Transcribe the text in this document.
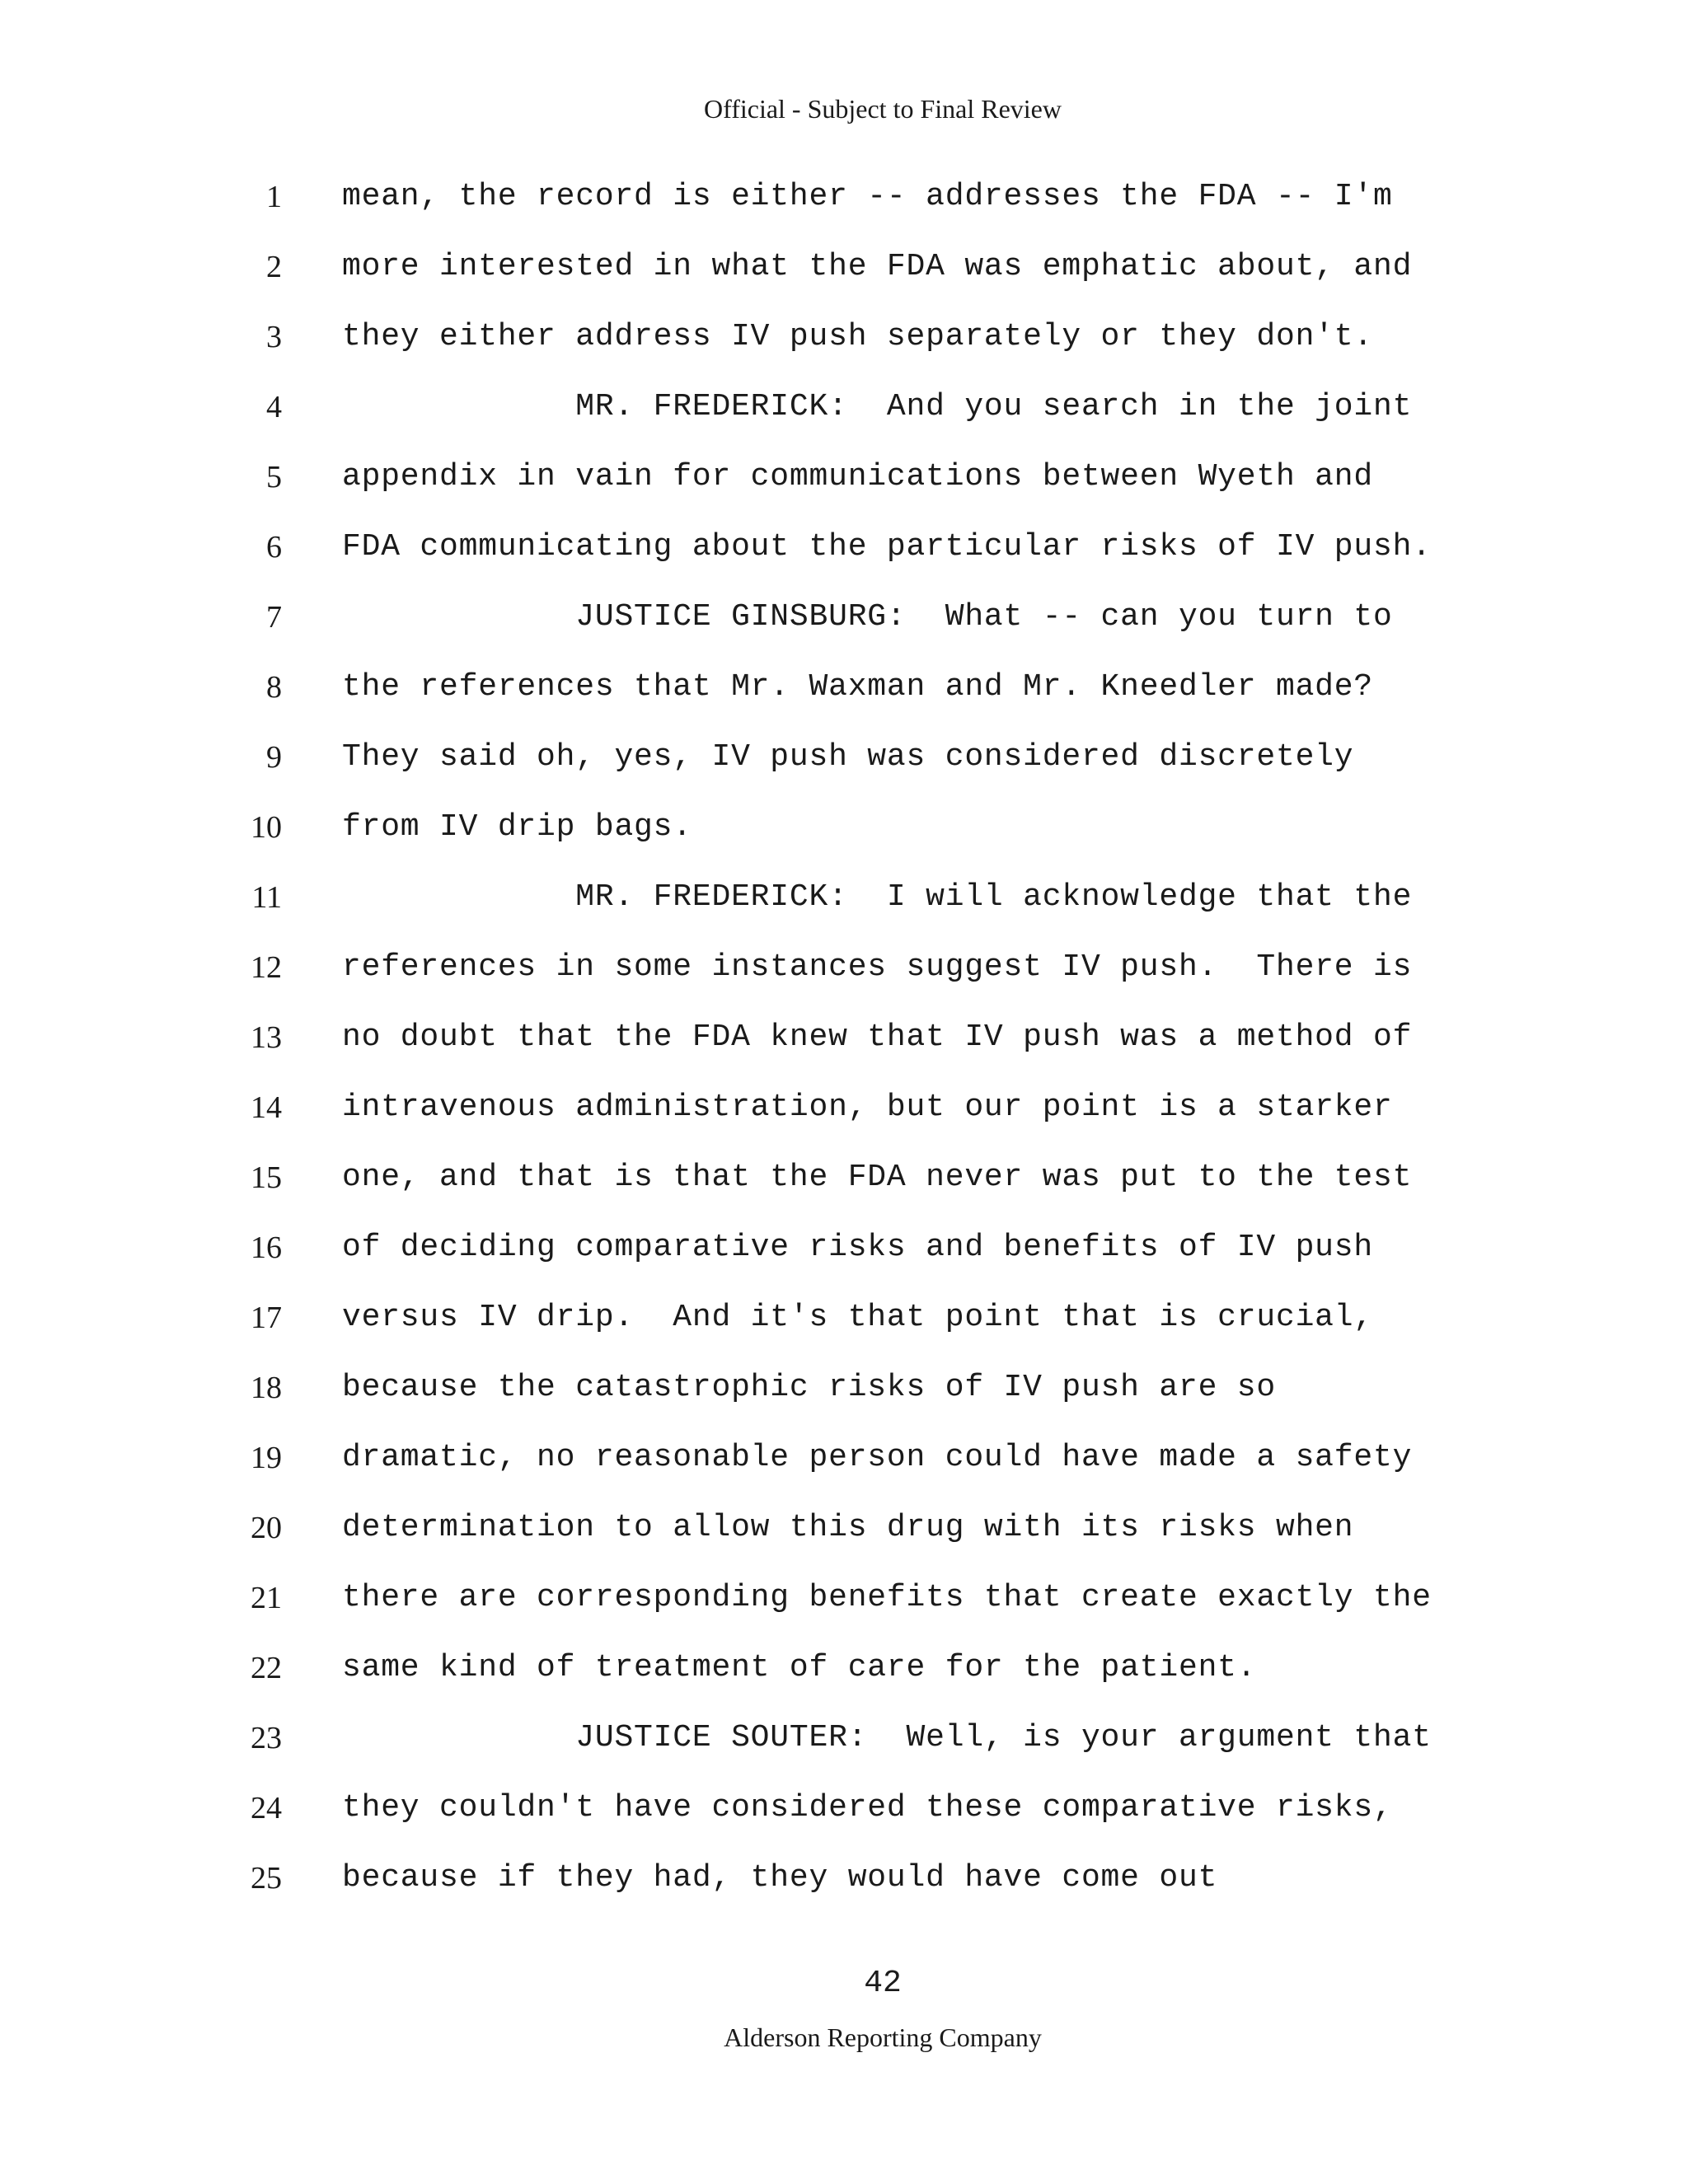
Official - Subject to Final Review
1 mean, the record is either -- addresses the FDA -- I'm
2 more interested in what the FDA was emphatic about, and
3 they either address IV push separately or they don't.
4 MR. FREDERICK:  And you search in the joint
5 appendix in vain for communications between Wyeth and
6 FDA communicating about the particular risks of IV push.
7 JUSTICE GINSBURG:  What -- can you turn to
8 the references that Mr. Waxman and Mr. Kneedler made?
9 They said oh, yes, IV push was considered discretely
10 from IV drip bags.
11 MR. FREDERICK:  I will acknowledge that the
12 references in some instances suggest IV push.  There is
13 no doubt that the FDA knew that IV push was a method of
14 intravenous administration, but our point is a starker
15 one, and that is that the FDA never was put to the test
16 of deciding comparative risks and benefits of IV push
17 versus IV drip.  And it's that point that is crucial,
18 because the catastrophic risks of IV push are so
19 dramatic, no reasonable person could have made a safety
20 determination to allow this drug with its risks when
21 there are corresponding benefits that create exactly the
22 same kind of treatment of care for the patient.
23 JUSTICE SOUTER:  Well, is your argument that
24 they couldn't have considered these comparative risks,
25 because if they had, they would have come out
42
Alderson Reporting Company
